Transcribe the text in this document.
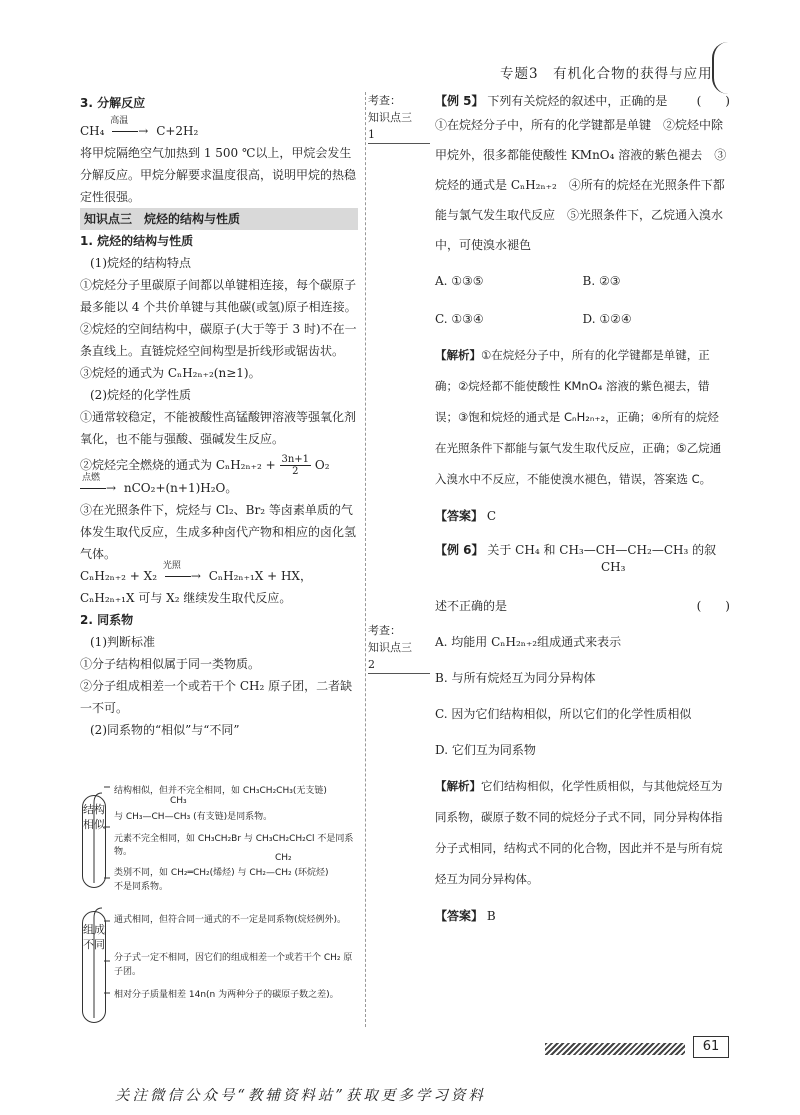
专题3　有机化合物的获得与应用

3. 分解反应

CH₄
高温
→ C+2H₂

将甲烷隔绝空气加热到 1 500 ℃以上，甲烷会发生分解反应。甲烷分解要求温度很高，说明甲烷的热稳定性很强。

知识点三　烷烃的结构与性质

1. 烷烃的结构与性质

(1)烷烃的结构特点

①烷烃分子里碳原子间都以单键相连接，每个碳原子最多能以 4 个共价单键与其他碳(或氢)原子相连接。

②烷烃的空间结构中，碳原子(大于等于 3 时)不在一条直线上。直链烷烃空间构型是折线形或锯齿状。

③烷烃的通式为 CₙH₂ₙ₊₂(n≥1)。

(2)烷烃的化学性质

①通常较稳定，不能被酸性高锰酸钾溶液等强氧化剂氧化，也不能与强酸、强碱发生反应。

②烷烃完全燃烧的通式为 $C_nH_{2n+2} + \frac{3n+1}{2} O_2$

点燃
→ nCO₂+(n+1)H₂O。

③在光照条件下，烷烃与 Cl₂、Br₂ 等卤素单质的气体发生取代反应，生成多种卤代产物和相应的卤化氢气体。

CₙH₂ₙ₊₂ + X₂
光照
→ CₙH₂ₙ₊₁X + HX，

CₙH₂ₙ₊₁X 可与 X₂ 继续发生取代反应。

2. 同系物

(1)判断标准

①分子结构相似属于同一类物质。

②分子组成相差一个或若干个 CH₂ 原子团，二者缺一不可。

(2)同系物的“相似”与“不同”

结构相似
组成不同
结构相似，但并不完全相同，如 CH₃CH₂CH₃(无支链)
CH₃
与 CH₃—CH—CH₃ (有支链)是同系物。
元素不完全相同，如 CH₃CH₂Br 与 CH₃CH₂CH₂Cl 不是同系物。
CH₂
类别不同，如 CH₂═CH₂(烯烃) 与 CH₂—CH₂ (环烷烃)
不是同系物。
通式相同，但符合同一通式的不一定是同系物(烷烃例外)。
分子式一定不相同，因它们的组成相差一个或若干个 CH₂ 原子团。
相对分子质量相差 14n(n 为两种分子的碳原子数之差)。
考查：
知识点三
1
考查：
知识点三
2

【例 5】 下列有关烷烃的叙述中，正确的是 (　　)

①在烷烃分子中，所有的化学键都是单键　②烷烃中除甲烷外，很多都能使酸性 KMnO₄ 溶液的紫色褪去　③烷烃的通式是 CₙH₂ₙ₊₂　④所有的烷烃在光照条件下都能与氯气发生取代反应　⑤光照条件下，乙烷通入溴水中，可使溴水褪色

A. ①③⑤	B. ②③
C. ①③④	D. ①②④

【解析】①在烷烃分子中，所有的化学键都是单键，正确；②烷烃都不能使酸性 KMnO₄ 溶液的紫色褪去，错误；③饱和烷烃的通式是 CₙH₂ₙ₊₂，正确；④所有的烷烃在光照条件下都能与氯气发生取代反应，正确；⑤乙烷通入溴水中不反应，不能使溴水褪色，错误，答案选 C。

【答案】 C

【例 6】 关于 CH₄ 和 CH₃—CH—CH₂—CH₃ 的叙

CH₃

述不正确的是	(　　)

A. 均能用 CₙH₂ₙ₊₂组成通式来表示

B. 与所有烷烃互为同分异构体

C. 因为它们结构相似，所以它们的化学性质相似

D. 它们互为同系物

【解析】它们结构相似，化学性质相似，与其他烷烃互为同系物，碳原子数不同的烷烃分子式不同，同分异构体指分子式相同，结构式不同的化合物，因此并不是与所有烷烃互为同分异构体。

【答案】 B

61
关注微信公众号“教辅资料站”获取更多学习资料
